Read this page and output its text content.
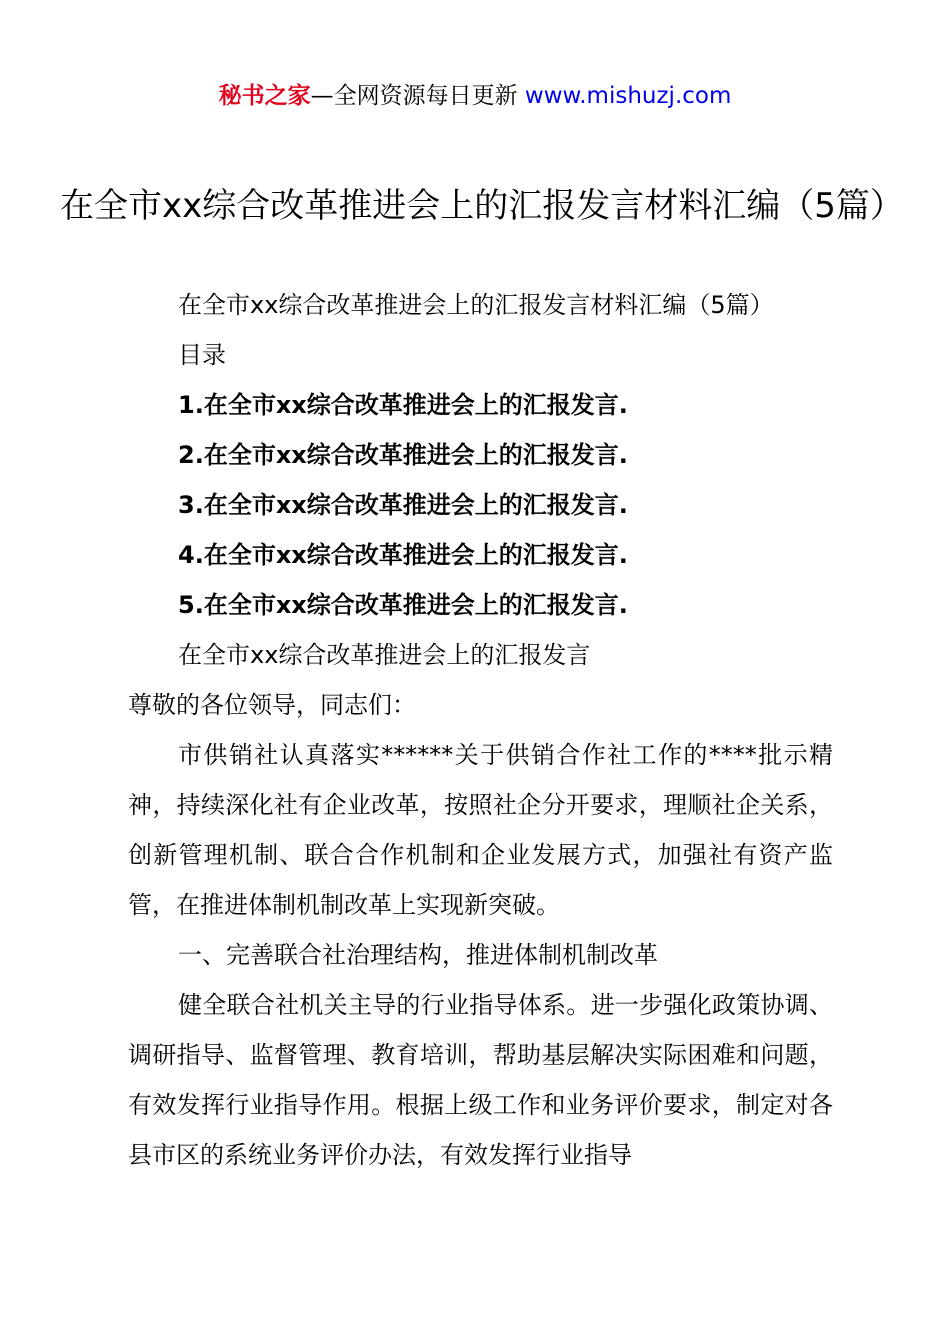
秘书之家—全网资源每日更新 www.mishuzj.com
在全市xx综合改革推进会上的汇报发言材料汇编（5篇）

在全市xx综合改革推进会上的汇报发言材料汇编（5篇）

目录

1.在全市xx综合改革推进会上的汇报发言.

2.在全市xx综合改革推进会上的汇报发言.

3.在全市xx综合改革推进会上的汇报发言.

4.在全市xx综合改革推进会上的汇报发言.

5.在全市xx综合改革推进会上的汇报发言.

在全市xx综合改革推进会上的汇报发言

尊敬的各位领导，同志们：

市供销社认真落实******关于供销合作社工作的****批示精神，持续深化社有企业改革，按照社企分开要求，理顺社企关系，创新管理机制、联合合作机制和企业发展方式，加强社有资产监管，在推进体制机制改革上实现新突破。

一、完善联合社治理结构，推进体制机制改革

健全联合社机关主导的行业指导体系。进一步强化政策协调、调研指导、监督管理、教育培训，帮助基层解决实际困难和问题，有效发挥行业指导作用。根据上级工作和业务评价要求，制定对各县市区的系统业务评价办法，有效发挥行业指导
